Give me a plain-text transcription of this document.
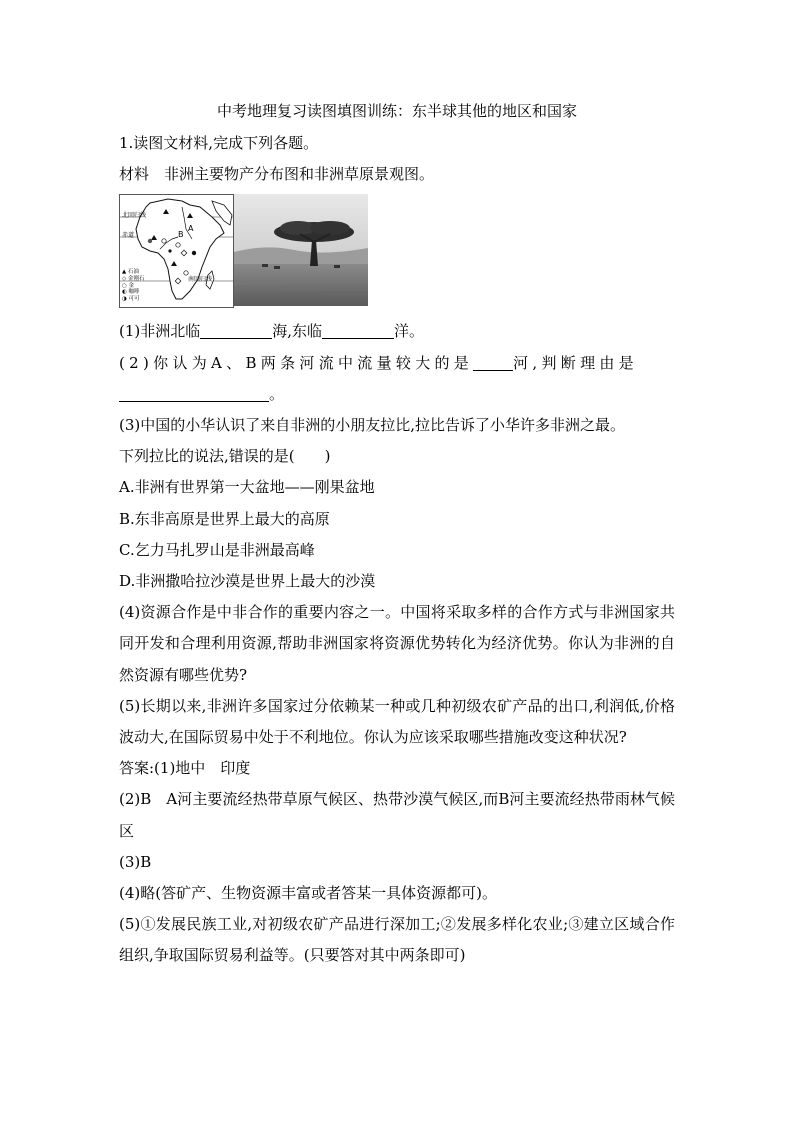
中考地理复习读图填图训练：东半球其他的地区和国家

1.读图文材料,完成下列各题。

材料　非洲主要物产分布图和非洲草原景观图。

北回归线
赤道
南回归线
A
B
▲ 石油
◇ 金刚石
○ 金
◐ 咖啡
◑ 可可

(1)非洲北临	海,东临	洋。

(2)你认为A、B两条河流中流量较大的是	河,判断理由是

。

(3)中国的小华认识了来自非洲的小朋友拉比,拉比告诉了小华许多非洲之最。

下列拉比的说法,错误的是(　　)

A.非洲有世界第一大盆地——刚果盆地

B.东非高原是世界上最大的高原

C.乞力马扎罗山是非洲最高峰

D.非洲撒哈拉沙漠是世界上最大的沙漠

(4)资源合作是中非合作的重要内容之一。中国将采取多样的合作方式与非洲国家共同开发和合理利用资源,帮助非洲国家将资源优势转化为经济优势。你认为非洲的自然资源有哪些优势?

(5)长期以来,非洲许多国家过分依赖某一种或几种初级农矿产品的出口,利润低,价格波动大,在国际贸易中处于不利地位。你认为应该采取哪些措施改变这种状况?

答案:(1)地中　印度

(2)B　A河主要流经热带草原气候区、热带沙漠气候区,而B河主要流经热带雨林气候区

(3)B

(4)略(答矿产、生物资源丰富或者答某一具体资源都可)。

(5)①发展民族工业,对初级农矿产品进行深加工;②发展多样化农业;③建立区域合作组织,争取国际贸易利益等。(只要答对其中两条即可)
